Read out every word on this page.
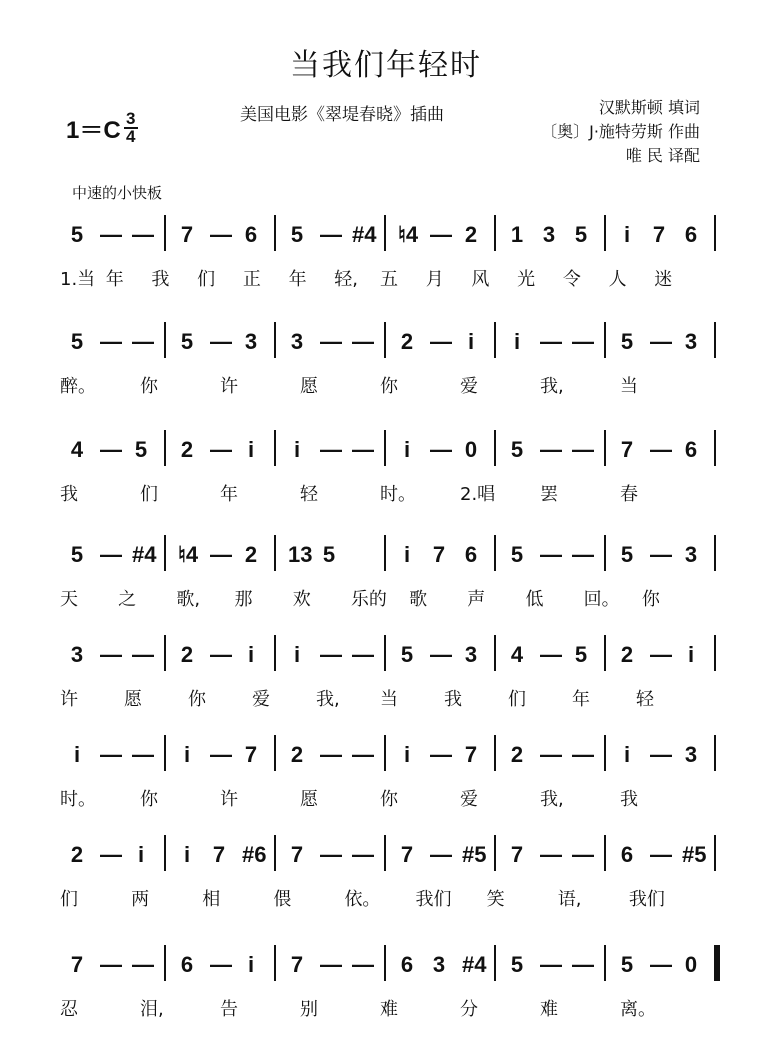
当我们年轻时
$1=C \frac{3}{4}$	美国电影《翠堤春晓》插曲	汉默斯顿 填词
〔奥〕J·施特劳斯 作曲
唯 民 译配
中速的小快板
5 — — 7 — 6 5 — #4 ♮4 — 2 1 3 5 i 7 6
1.当 年 我 们 正 年 轻, 五 月 风 光 令 人 迷
5 — — 5 — 3 3 — — 2 — i i — — 5 — 3
醉。 你	许	愿	你	爱	我,	当
4 — 5 2 — i i — — i — 0 5 — — 7 — 6
我	们	年	轻	时。 2.唱 罢	春
5 — #4 ♮4 — 2 13 5	i 7 6 5 — — 5 — 3
天 之 歌, 那 欢 乐的 歌 声 低 回。 你
3 — — 2 — i i — — 5 — 3 4 — 5 2 — i
许	愿	你	爱	我, 当	我	们	年	轻
i — — i — 7 2 — — i — 7 2 — — i — 3
时。 你	许	愿	你	爱	我,	我
2 — i i 7 #6 7 — — 7 — #5 7 — — 6 — #5
们	两	相	偎	依。 我们 笑	语,	我们
7 — — 6 — i 7 — — 6 3 #4 5 — — 5 — 0
忍	泪,	告	别	难	分	难	离。
